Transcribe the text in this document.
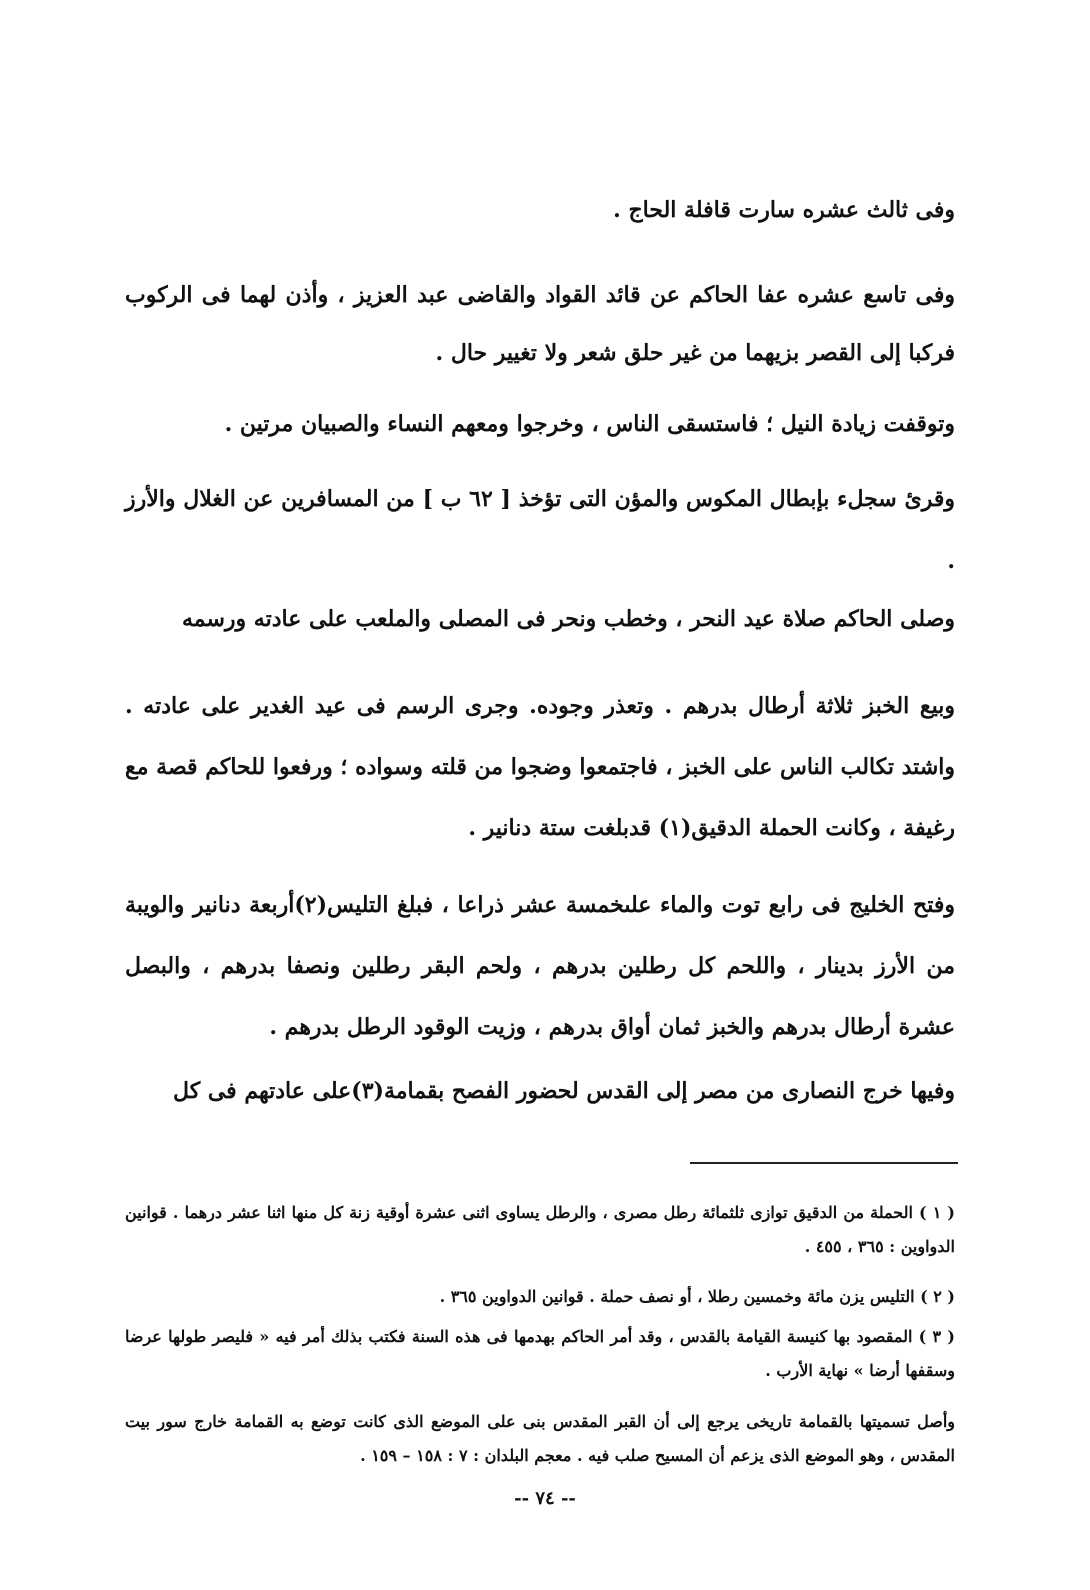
وفى ثالث عشره سارت قافلة الحاج .

وفى تاسع عشره عفا الحاكم عن قائد القواد والقاضى عبد العزيز ، وأذن لهما فى الركوب فركبا إلى القصر بزيهما من غير حلق شعر ولا تغيير حال .

وتوقفت زيادة النيل ؛ فاستسقى الناس ، وخرجوا ومعهم النساء والصبيان مرتين .

وقرئ سجلء بإبطال المكوس والمؤن التى تؤخذ [ ٦٢ ب ] من المسافرين عن الغلال والأرز .

وصلى الحاكم صلاة عيد النحر ، وخطب ونحر فى المصلى والملعب على عادته ورسمه

وبيع الخبز ثلاثة أرطال بدرهم . وتعذر وجوده. وجرى الرسم فى عيد الغدير على عادته . واشتد تكالب الناس على الخبز ، فاجتمعوا وضجوا من قلته وسواده ؛ ورفعوا للحاكم قصة مع رغيفة ، وكانت الحملة الدقيق(١) قدبلغت ستة دنانير .

وفتح الخليج فى رابع توت والماء علىخمسة عشر ذراعا ، فبلغ التليس(٢)أربعة دنانير والويبة من الأرز بدينار ، واللحم كل رطلين بدرهم ، ولحم البقر رطلين ونصفا بدرهم ، والبصل عشرة أرطال بدرهم والخبز ثمان أواق بدرهم ، وزيت الوقود الرطل بدرهم .

وفيها خرج النصارى من مصر إلى القدس لحضور الفصح بقمامة(٣)على عادتهم فى كل

( ١ ) الحملة من الدقيق توازى ثلثمائة رطل مصرى ، والرطل يساوى اثنى عشرة أوقية زنة كل منها اثنا عشر درهما . قوانين الدواوين : ٣٦٥ ، ٤٥٥ .

( ٢ ) التليس يزن مائة وخمسين رطلا ، أو نصف حملة . قوانين الدواوين ٣٦٥ .

( ٣ ) المقصود بها كنيسة القيامة بالقدس ، وقد أمر الحاكم بهدمها فى هذه السنة فكتب بذلك أمر فيه « فليصر طولها عرضا وسقفها أرضا » نهاية الأرب .

وأصل تسميتها بالقمامة تاريخى يرجع إلى أن القبر المقدس بنى على الموضع الذى كانت توضع به القمامة خارج سور بيت المقدس ، وهو الموضع الذى يزعم أن المسيح صلب فيه . معجم البلدان : ٧ : ١٥٨ – ١٥٩ .

-- ٧٤ --
